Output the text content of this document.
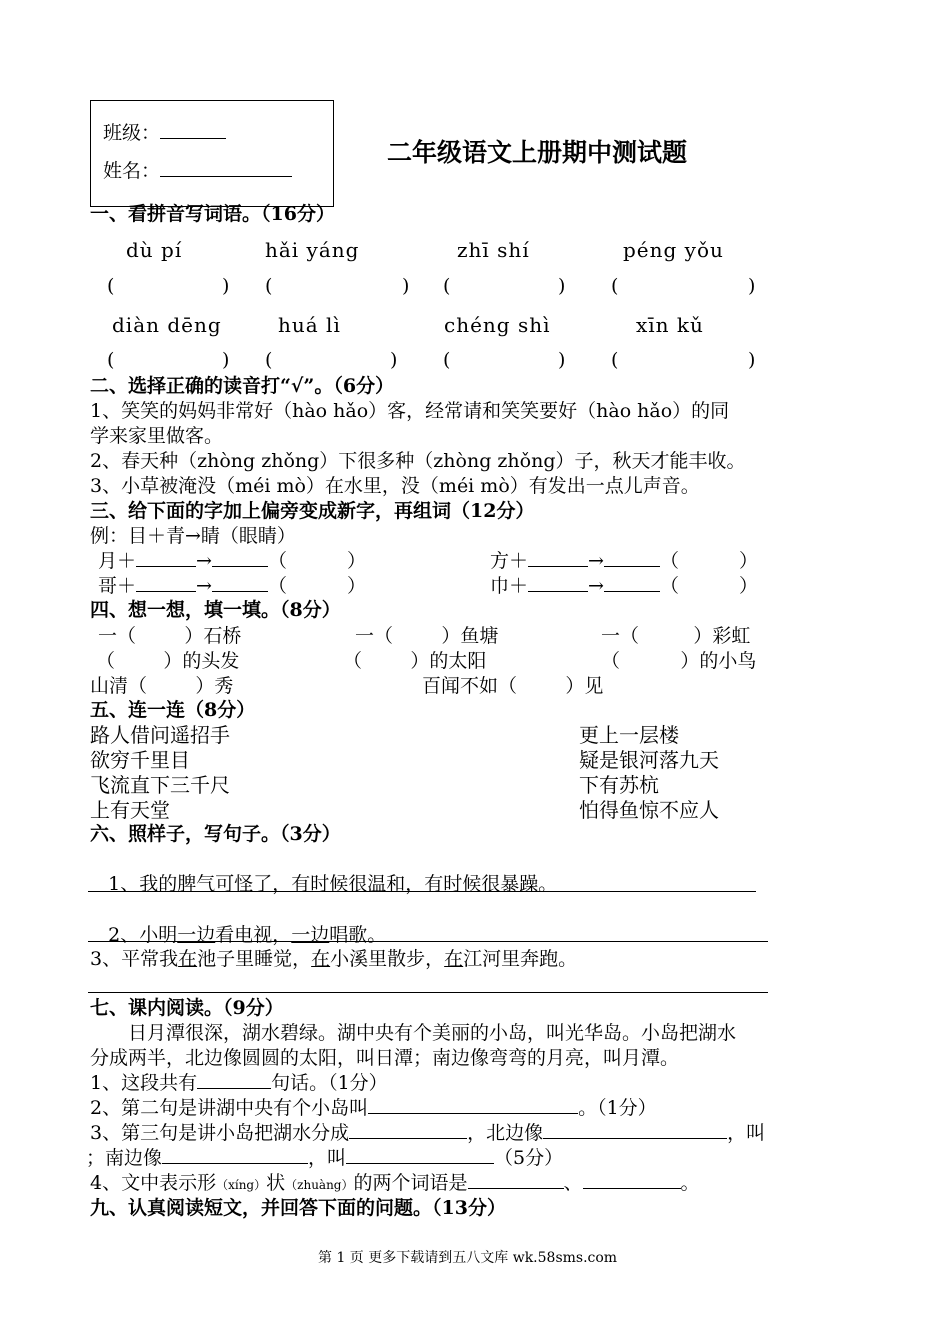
班级：
姓名：
二年级语文上册期中测试题
一、看拼音写词语。（16分）
dù pí	hǎi yáng	zhī shí	péng yǒu
(	) (	) (	) (	)
diàn dēng	huá lì	chéng shì	xīn kǔ
(	) (	) (	) (	)
二、选择正确的读音打“√”。（6分）
1、笑笑的妈妈非常好（hào hǎo）客，经常请和笑笑要好（hào hǎo）的同
学来家里做客。
2、春天种（zhòng zhǒng）下很多种（zhòng zhǒng）子，秋天才能丰收。
3、小草被淹没（méi mò）在水里，没（méi mò）有发出一点儿声音。
三、给下面的字加上偏旁变成新字，再组词（12分）
例：目＋青→睛（眼睛）
月＋	→	（	）	方＋	→	（	）
哥＋	→	（	）	巾＋	→	（	）
四、想一想，填一填。（8分）
一（        ）石桥	一（        ）鱼塘	一（         ）彩虹
（        ）的头发	（        ）的太阳	（          ）的小鸟
山清（        ）秀	百闻不如（        ）见
五、连一连（8分）
路人借问遥招手
欲穷千里目
飞流直下三千尺
上有天堂
更上一层楼
疑是银河落九天
下有苏杭
怕得鱼惊不应人
六、照样子，写句子。（3分）

1、我的脾气可怪了，有时候很温和，有时候很暴躁。

2、小明一边看电视，一边唱歌。

3、平常我在池子里睡觉，在小溪里散步，在江河里奔跑。
七、课内阅读。（9分）
　　日月潭很深，湖水碧绿。湖中央有个美丽的小岛，叫光华岛。小岛把湖水
分成两半，北边像圆圆的太阳，叫日潭；南边像弯弯的月亮，叫月潭。
1、这段共有	句话。（1分）
2、第二句是讲湖中央有个小岛叫	。（1分）
3、第三句是讲小岛把湖水分成	，北边像	，叫
；南边像	，叫	（5分）
4、文中表示形（xíng）状（zhuàng）的两个词语是	、	。
九、认真阅读短文，并回答下面的问题。（13分）
第 1 页 更多下载请到五八文库 wk.58sms.com
